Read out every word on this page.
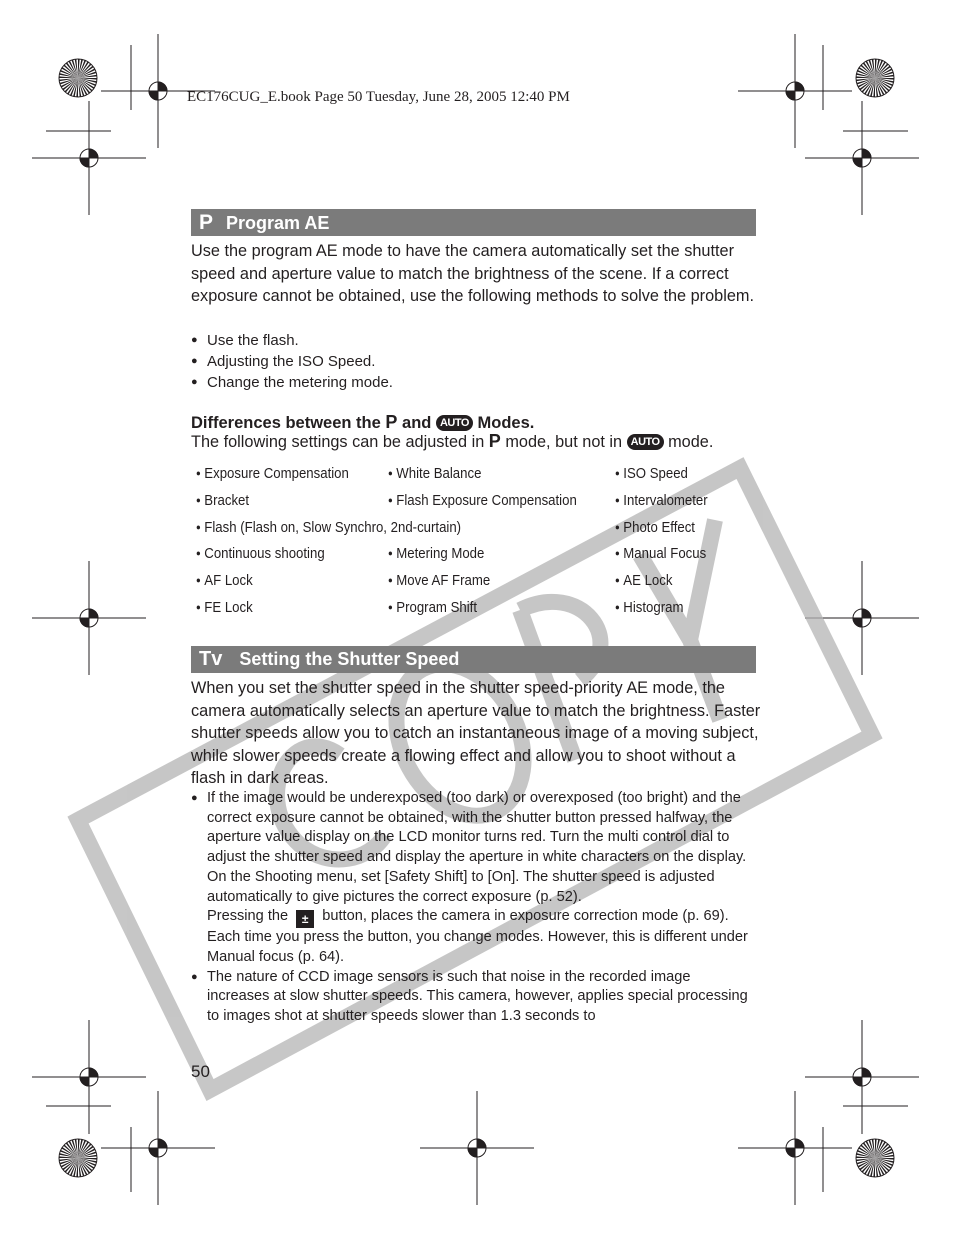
EC176CUG_E.book Page 50 Tuesday, June 28, 2005 12:40 PM
P Program AE
Use the program AE mode to have the camera automatically set the shutter speed and aperture value to match the brightness of the scene. If a correct exposure cannot be obtained, use the following methods to solve the problem.
● Use the flash.
● Adjusting the ISO Speed.
● Change the metering mode.
Differences between the P and AUTO Modes.
The following settings can be adjusted in P mode, but not in AUTO mode.
● Exposure Compensation	● White Balance	● ISO Speed
● Bracket	● Flash Exposure Compensation	● Intervalometer
● Flash (Flash on, Slow Synchro, 2nd-curtain)	● Photo Effect
● Continuous shooting	● Metering Mode	● Manual Focus
● AF Lock	● Move AF Frame	● AE Lock
● FE Lock	● Program Shift	● Histogram
Tv Setting the Shutter Speed
When you set the shutter speed in the shutter speed-priority AE mode, the camera automatically selects an aperture value to match the brightness. Faster shutter speeds allow you to catch an instantaneous image of a moving subject, while slower speeds create a flowing effect and allow you to shoot without a flash in dark areas.
● If the image would be underexposed (too dark) or overexposed (too bright) and the correct exposure cannot be obtained, with the shutter button pressed halfway, the aperture value display on the LCD monitor turns red. Turn the multi control dial to adjust the shutter speed and display the aperture in white characters on the display.
On the Shooting menu, set [Safety Shift] to [On]. The shutter speed is adjusted automatically to give pictures the correct exposure (p. 52).
Pressing the ± button, places the camera in exposure correction mode (p. 69). Each time you press the button, you change modes. However, this is different under Manual focus (p. 64).
● The nature of CCD image sensors is such that noise in the recorded image increases at slow shutter speeds. This camera, however, applies special processing to images shot at shutter speeds slower than 1.3 seconds to
50
